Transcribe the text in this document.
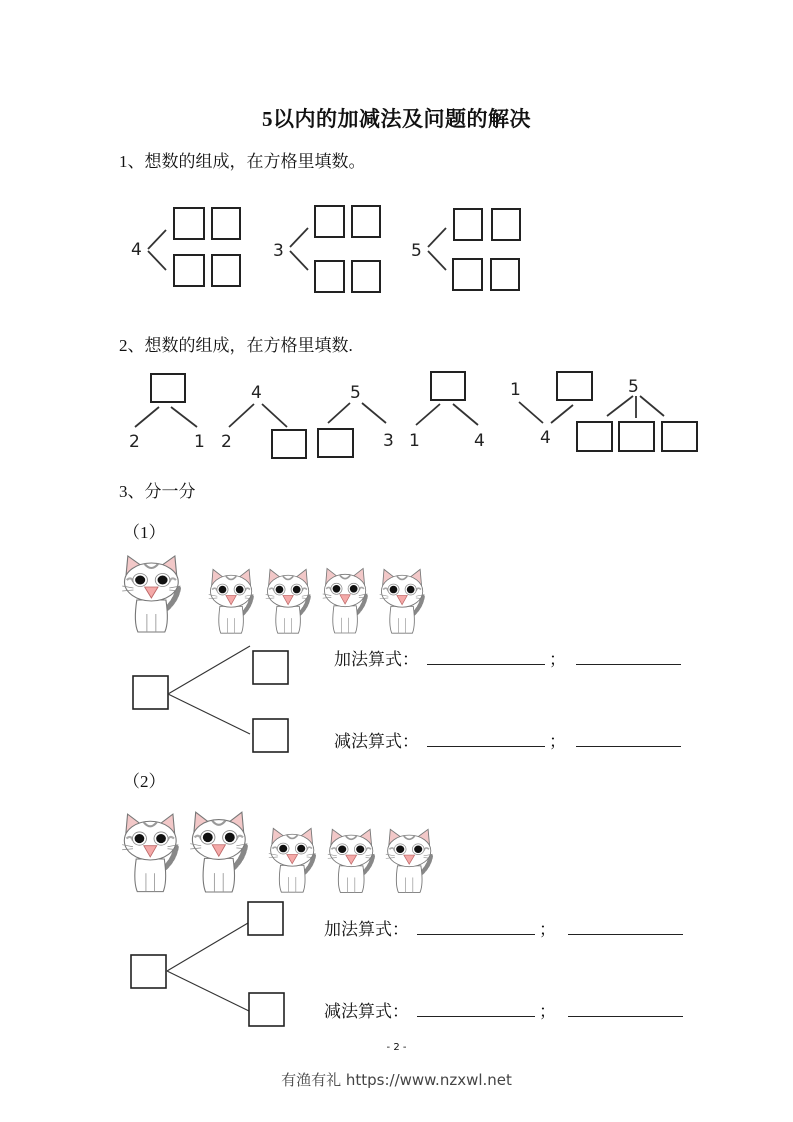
5以内的加减法及问题的解决
1、想数的组成，在方格里填数。
4	3	5
2	1
4
2
5
3 1	4
1
4
5
2、想数的组成，在方格里填数.
3、分一分
（1）
（2）
加法算式：	；
减法算式：	；
加法算式：	；
减法算式：	；
- 2 -
有渔有礼 https://www.nzxwl.net
